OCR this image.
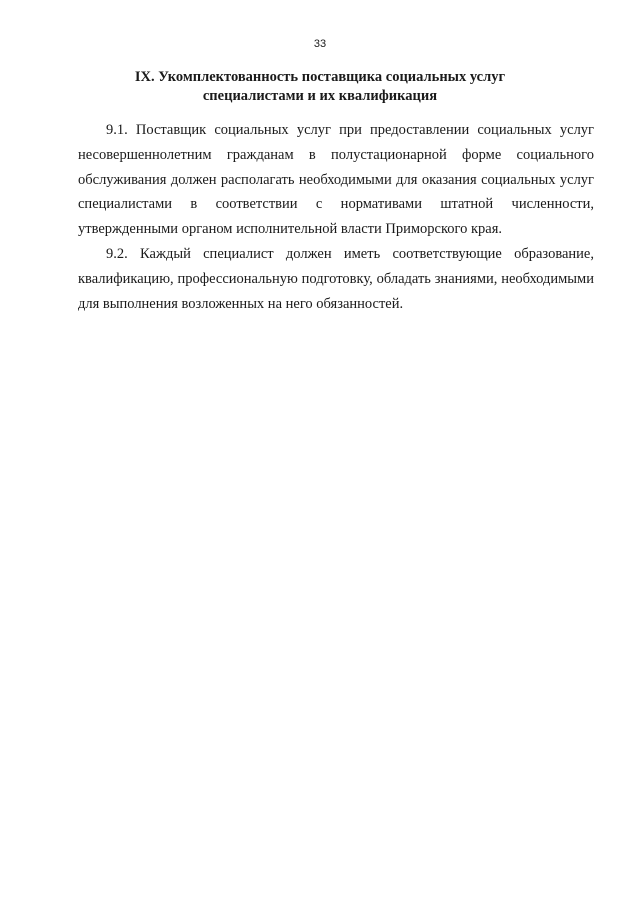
33
IX. Укомплектованность поставщика социальных услуг
специалистами и их квалификация

9.1. Поставщик социальных услуг при предоставлении социальных услуг несовершеннолетним гражданам в полустационарной форме социального обслуживания должен располагать необходимыми для оказания социальных услуг специалистами в соответствии с нормативами штатной численности, утвержденными органом исполнительной власти Приморского края.

9.2. Каждый специалист должен иметь соответствующие образование, квалификацию, профессиональную подготовку, обладать знаниями, необходимыми для выполнения возложенных на него обязанностей.
